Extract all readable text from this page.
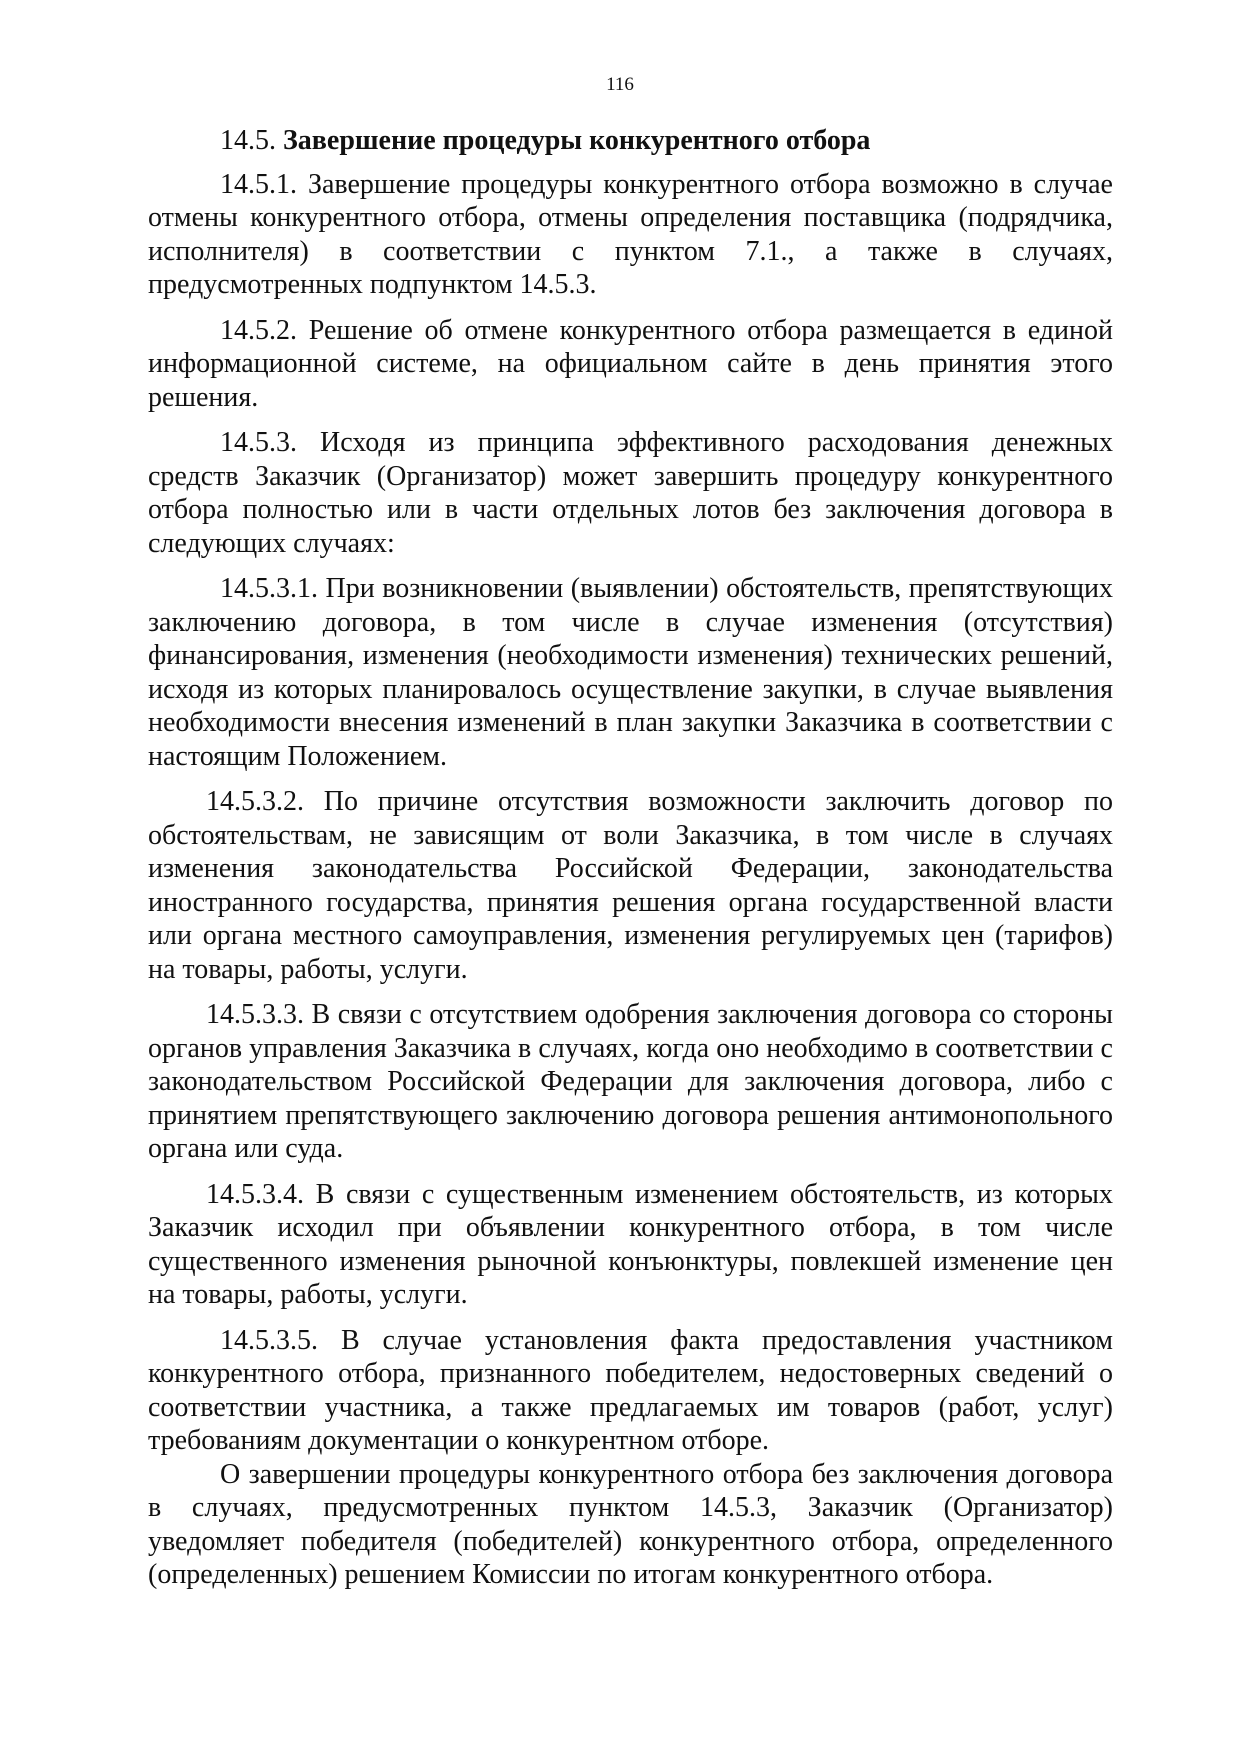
116

14.5. Завершение процедуры конкурентного отбора

14.5.1. Завершение процедуры конкурентного отбора возможно в случае отмены конкурентного отбора, отмены определения поставщика (подрядчика, исполнителя) в соответствии с пунктом 7.1., а также в случаях, предусмотренных подпунктом 14.5.3.

14.5.2. Решение об отмене конкурентного отбора размещается в единой информационной системе, на официальном сайте в день принятия этого решения.

14.5.3. Исходя из принципа эффективного расходования денежных средств Заказчик (Организатор) может завершить процедуру конкурентного отбора полностью или в части отдельных лотов без заключения договора в следующих случаях:

14.5.3.1. При возникновении (выявлении) обстоятельств, препятствующих заключению договора, в том числе в случае изменения (отсутствия) финансирования, изменения (необходимости изменения) технических решений, исходя из которых планировалось осуществление закупки, в случае выявления необходимости внесения изменений в план закупки Заказчика в соответствии с настоящим Положением.

14.5.3.2. По причине отсутствия возможности заключить договор по обстоятельствам, не зависящим от воли Заказчика, в том числе в случаях изменения законодательства Российской Федерации, законодательства иностранного государства, принятия решения органа государственной власти или органа местного самоуправления, изменения регулируемых цен (тарифов) на товары, работы, услуги.

14.5.3.3. В связи с отсутствием одобрения заключения договора со стороны органов управления Заказчика в случаях, когда оно необходимо в соответствии с законодательством Российской Федерации для заключения договора, либо с принятием препятствующего заключению договора решения антимонопольного органа или суда.

14.5.3.4. В связи с существенным изменением обстоятельств, из которых Заказчик исходил при объявлении конкурентного отбора, в том числе существенного изменения рыночной конъюнктуры, повлекшей изменение цен на товары, работы, услуги.

14.5.3.5. В случае установления факта предоставления участником конкурентного отбора, признанного победителем, недостоверных сведений о соответствии участника, а также предлагаемых им товаров (работ, услуг) требованиям документации о конкурентном отборе.

О завершении процедуры конкурентного отбора без заключения договора в случаях, предусмотренных пунктом 14.5.3, Заказчик (Организатор) уведомляет победителя (победителей) конкурентного отбора, определенного (определенных) решением Комиссии по итогам конкурентного отбора.
